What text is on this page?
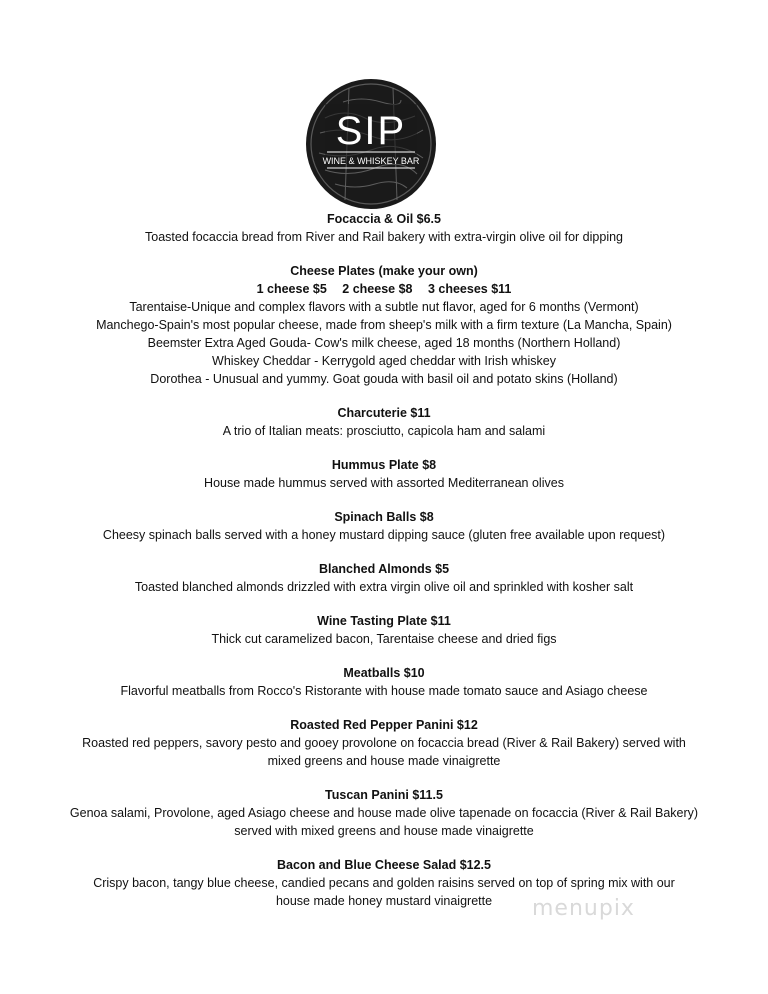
SIP
WINE & WHISKEY BAR
Focaccia & Oil $6.5
Toasted focaccia bread from River and Rail bakery with extra-virgin olive oil for dipping
Cheese Plates (make your own)
1 cheese $5 2 cheese $8 3 cheeses $11
Tarentaise-Unique and complex flavors with a subtle nut flavor, aged for 6 months (Vermont)
Manchego-Spain's most popular cheese, made from sheep's milk with a firm texture (La Mancha, Spain)
Beemster Extra Aged Gouda- Cow's milk cheese, aged 18 months (Northern Holland)
Whiskey Cheddar - Kerrygold aged cheddar with Irish whiskey
Dorothea - Unusual and yummy. Goat gouda with basil oil and potato skins (Holland)
Charcuterie $11
A trio of Italian meats: prosciutto, capicola ham and salami
Hummus Plate $8
House made hummus served with assorted Mediterranean olives
Spinach Balls $8
Cheesy spinach balls served with a honey mustard dipping sauce (gluten free available upon request)
Blanched Almonds $5
Toasted blanched almonds drizzled with extra virgin olive oil and sprinkled with kosher salt
Wine Tasting Plate $11
Thick cut caramelized bacon, Tarentaise cheese and dried figs
Meatballs $10
Flavorful meatballs from Rocco's Ristorante with house made tomato sauce and Asiago cheese
Roasted Red Pepper Panini $12
Roasted red peppers, savory pesto and gooey provolone on focaccia bread (River & Rail Bakery) served with
mixed greens and house made vinaigrette
Tuscan Panini $11.5
Genoa salami, Provolone, aged Asiago cheese and house made olive tapenade on focaccia (River & Rail Bakery)
served with mixed greens and house made vinaigrette
Bacon and Blue Cheese Salad $12.5
Crispy bacon, tangy blue cheese, candied pecans and golden raisins served on top of spring mix with our
house made honey mustard vinaigrette	menupix
